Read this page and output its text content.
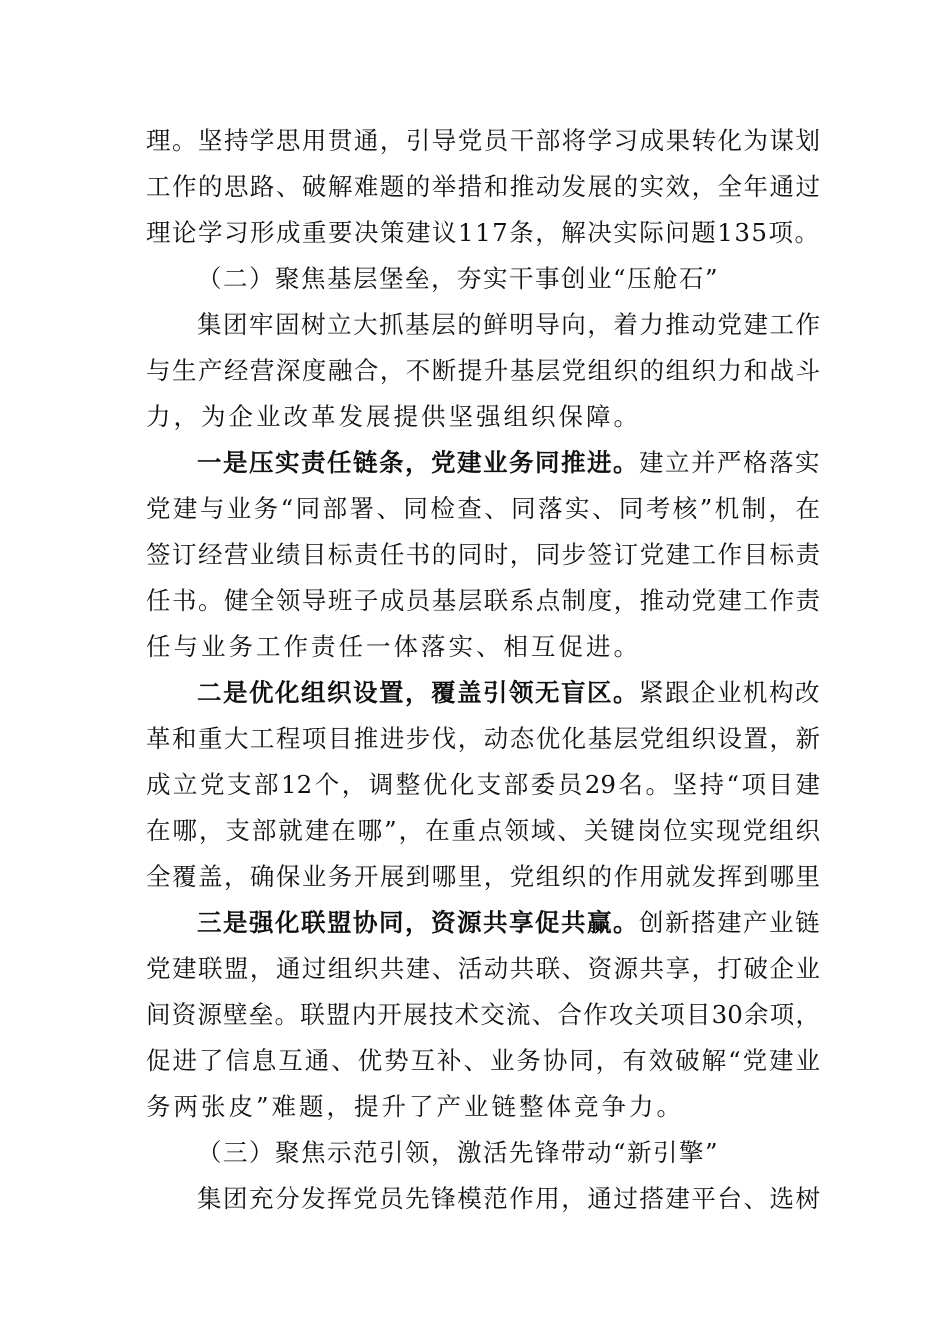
理。坚持学思用贯通，引导党员干部将学习成果转化为谋划
工作的思路、破解难题的举措和推动发展的实效，全年通过
理论学习形成重要决策建议117条，解决实际问题135项。
（二）聚焦基层堡垒，夯实干事创业“压舱石”
集团牢固树立大抓基层的鲜明导向，着力推动党建工作
与生产经营深度融合，不断提升基层党组织的组织力和战斗
力，为企业改革发展提供坚强组织保障。
一是压实责任链条，党建业务同推进。建立并严格落实
党建与业务“同部署、同检查、同落实、同考核”机制，在
签订经营业绩目标责任书的同时，同步签订党建工作目标责
任书。健全领导班子成员基层联系点制度，推动党建工作责
任与业务工作责任一体落实、相互促进。
二是优化组织设置，覆盖引领无盲区。紧跟企业机构改
革和重大工程项目推进步伐，动态优化基层党组织设置，新
成立党支部12个，调整优化支部委员29名。坚持“项目建
在哪，支部就建在哪”，在重点领域、关键岗位实现党组织
全覆盖，确保业务开展到哪里，党组织的作用就发挥到哪里
三是强化联盟协同，资源共享促共赢。创新搭建产业链
党建联盟，通过组织共建、活动共联、资源共享，打破企业
间资源壁垒。联盟内开展技术交流、合作攻关项目30余项，
促进了信息互通、优势互补、业务协同，有效破解“党建业
务两张皮”难题，提升了产业链整体竞争力。
（三）聚焦示范引领，激活先锋带动“新引擎”
集团充分发挥党员先锋模范作用，通过搭建平台、选树
